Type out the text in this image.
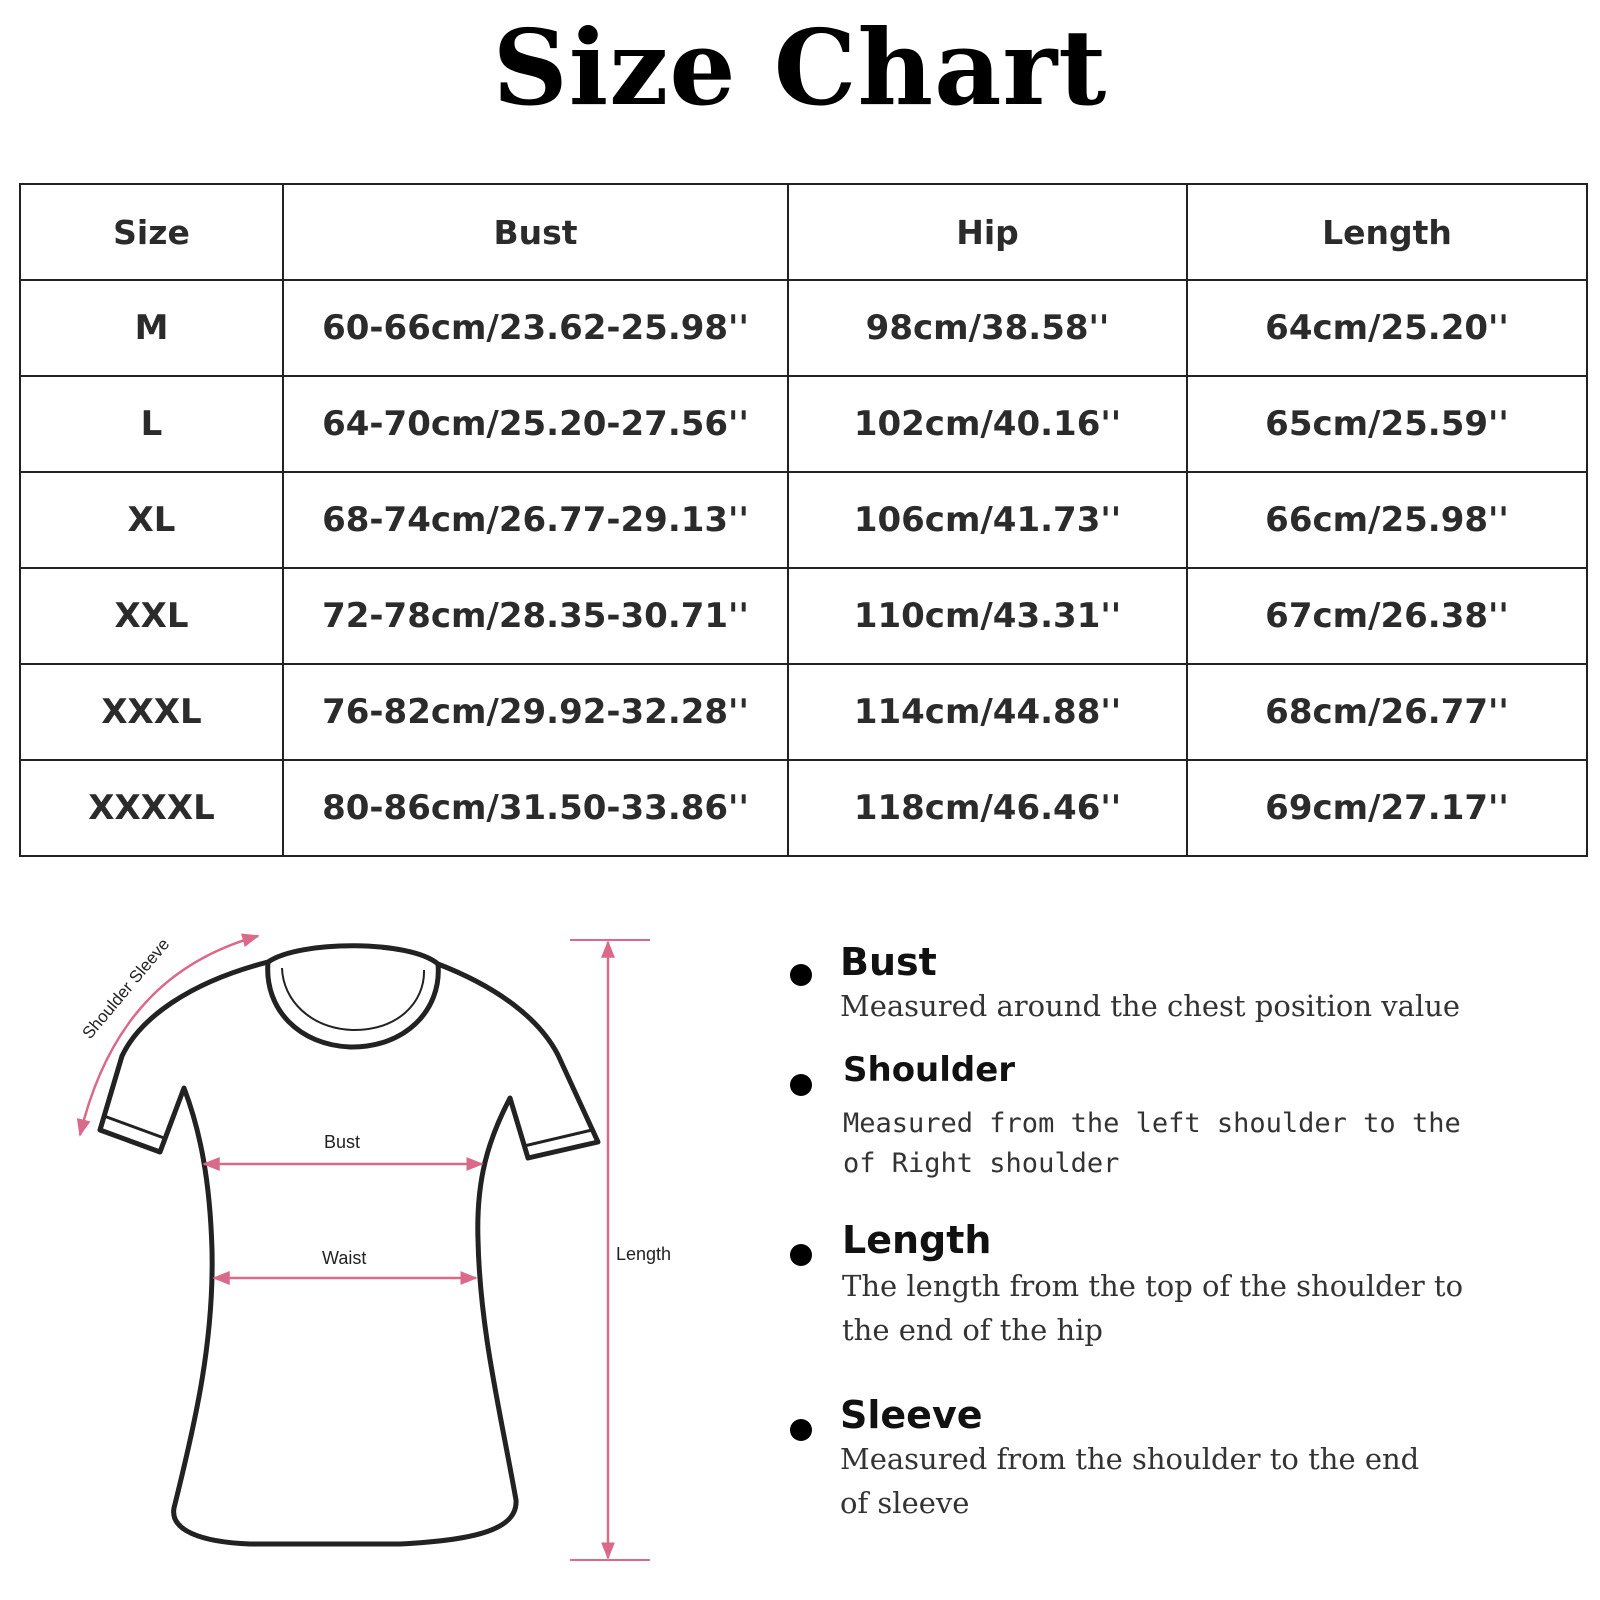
Size Chart
Size	Bust	Hip	Length
M	60-66cm/23.62-25.98''	98cm/38.58''	64cm/25.20''
L	64-70cm/25.20-27.56''	102cm/40.16''	65cm/25.59''
XL	68-74cm/26.77-29.13''	106cm/41.73''	66cm/25.98''
XXL	72-78cm/28.35-30.71''	110cm/43.31''	67cm/26.38''
XXXL	76-82cm/29.92-32.28''	114cm/44.88''	68cm/26.77''
XXXXL	80-86cm/31.50-33.86''	118cm/46.46''	69cm/27.17''
Shoulder Sleeve
Bust
Waist	Length
Bust
Measured around the chest position value
Shoulder
Measured from the left shoulder to the
of Right shoulder
Length
The length from the top of the shoulder to
the end of the hip
Sleeve
Measured from the shoulder to the end
of sleeve
